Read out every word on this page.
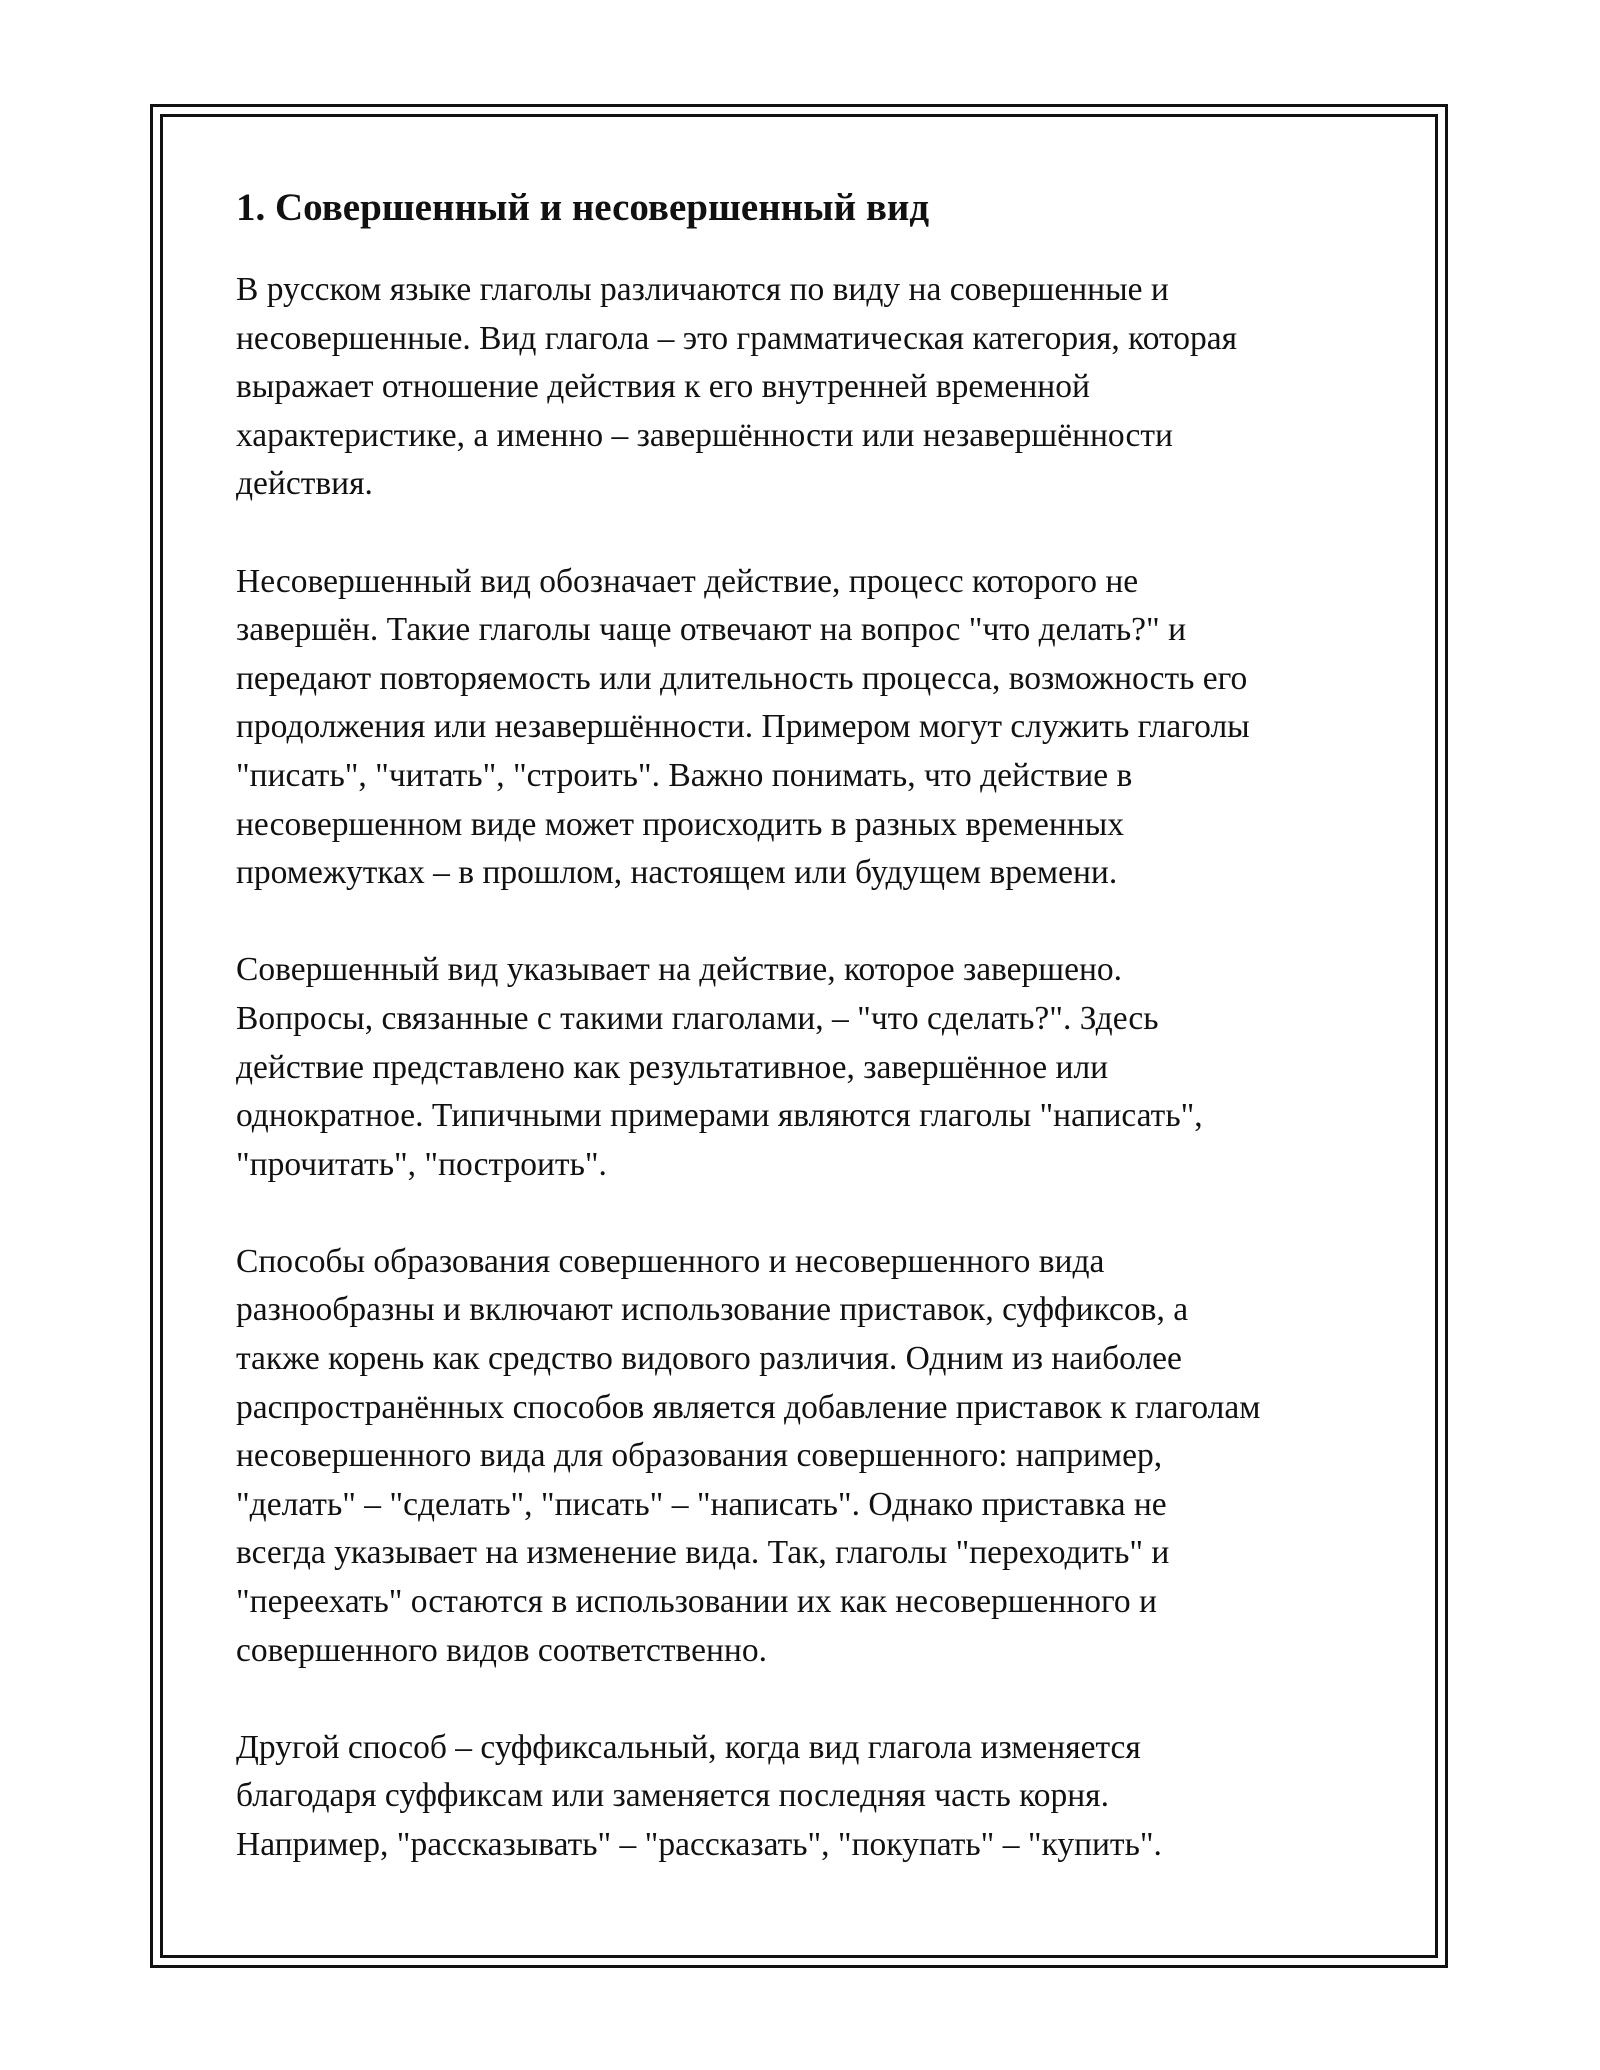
1. Совершенный и несовершенный вид

В русском языке глаголы различаются по виду на совершенные и
несовершенные. Вид глагола – это грамматическая категория, которая
выражает отношение действия к его внутренней временной
характеристике, а именно – завершённости или незавершённости
действия.

Несовершенный вид обозначает действие, процесс которого не
завершён. Такие глаголы чаще отвечают на вопрос "что делать?" и
передают повторяемость или длительность процесса, возможность его
продолжения или незавершённости. Примером могут служить глаголы
"писать", "читать", "строить". Важно понимать, что действие в
несовершенном виде может происходить в разных временных
промежутках – в прошлом, настоящем или будущем времени.

Совершенный вид указывает на действие, которое завершено.
Вопросы, связанные с такими глаголами, – "что сделать?". Здесь
действие представлено как результативное, завершённое или
однократное. Типичными примерами являются глаголы "написать",
"прочитать", "построить".

Способы образования совершенного и несовершенного вида
разнообразны и включают использование приставок, суффиксов, а
также корень как средство видового различия. Одним из наиболее
распространённых способов является добавление приставок к глаголам
несовершенного вида для образования совершенного: например,
"делать" – "сделать", "писать" – "написать". Однако приставка не
всегда указывает на изменение вида. Так, глаголы "переходить" и
"переехать" остаются в использовании их как несовершенного и
совершенного видов соответственно.

Другой способ – суффиксальный, когда вид глагола изменяется
благодаря суффиксам или заменяется последняя часть корня.
Например, "рассказывать" – "рассказать", "покупать" – "купить".
